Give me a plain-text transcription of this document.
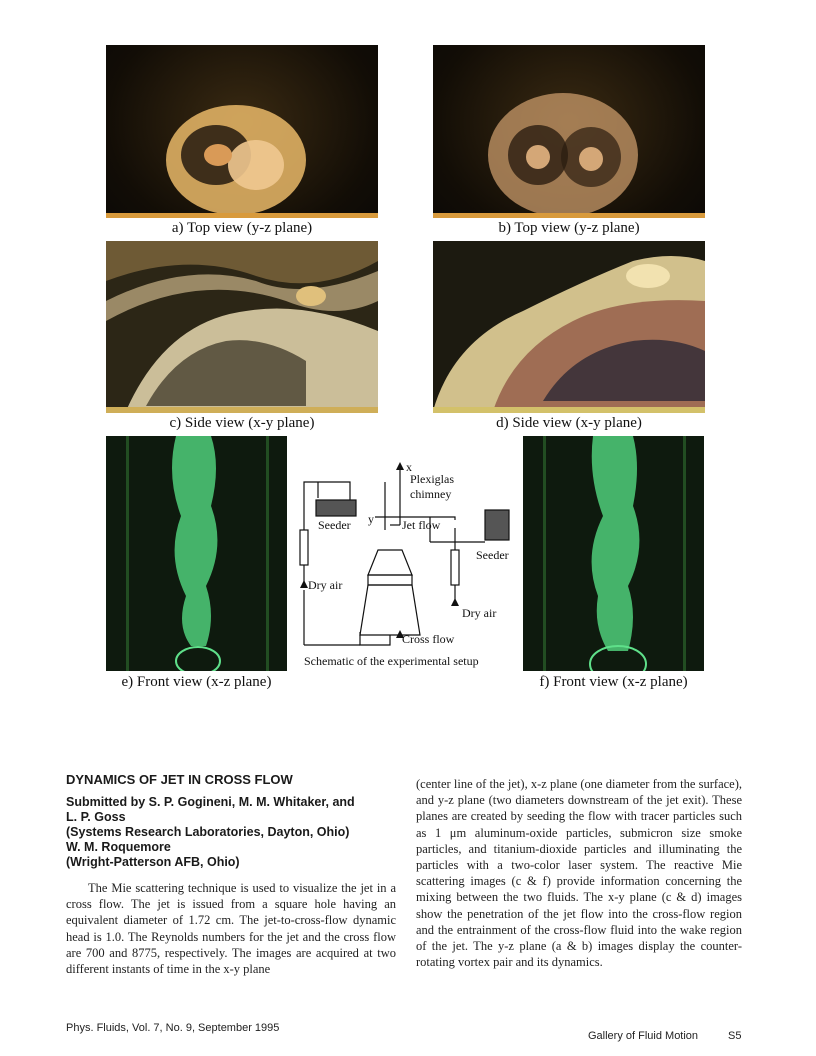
a) Top view (y-z plane)	b) Top view (y-z plane)
c) Side view (x-y plane)	d) Side view (x-y plane)
e) Front view (x-z plane)	f) Front view (x-z plane)
x
y
Plexiglas
chimney
Jet flow
Seeder
Seeder
Dry air
Dry air
Cross flow
Schematic of the experimental setup
DYNAMICS OF JET IN CROSS FLOW
Submitted by S. P. Gogineni, M. M. Whitaker, and
L. P. Goss
(Systems Research Laboratories, Dayton, Ohio)
W. M. Roquemore
(Wright-Patterson AFB, Ohio)
The Mie scattering technique is used to visualize the jet in a cross flow. The jet is issued from a square hole having an equivalent diameter of 1.72 cm. The jet-to-cross-flow dynamic head is 1.0. The Reynolds numbers for the jet and the cross flow are 700 and 8775, respectively. The images are acquired at two different instants of time in the x-y plane
(center line of the jet), x-z plane (one diameter from the surface), and y-z plane (two diameters downstream of the jet exit). These planes are created by seeding the flow with tracer particles such as 1 μm aluminum-oxide particles, submicron size smoke particles, and titanium-dioxide particles and illuminating the particles with a two-color laser system. The reactive Mie scattering images (c & f) provide information concerning the mixing between the two fluids. The x-y plane (c & d) images show the penetration of the jet flow into the cross-flow region and the entrainment of the cross-flow fluid into the wake region of the jet. The y-z plane (a & b) images display the counter-rotating vortex pair and its dynamics.
Phys. Fluids, Vol. 7, No. 9, September 1995
Gallery of Fluid Motion	S5
